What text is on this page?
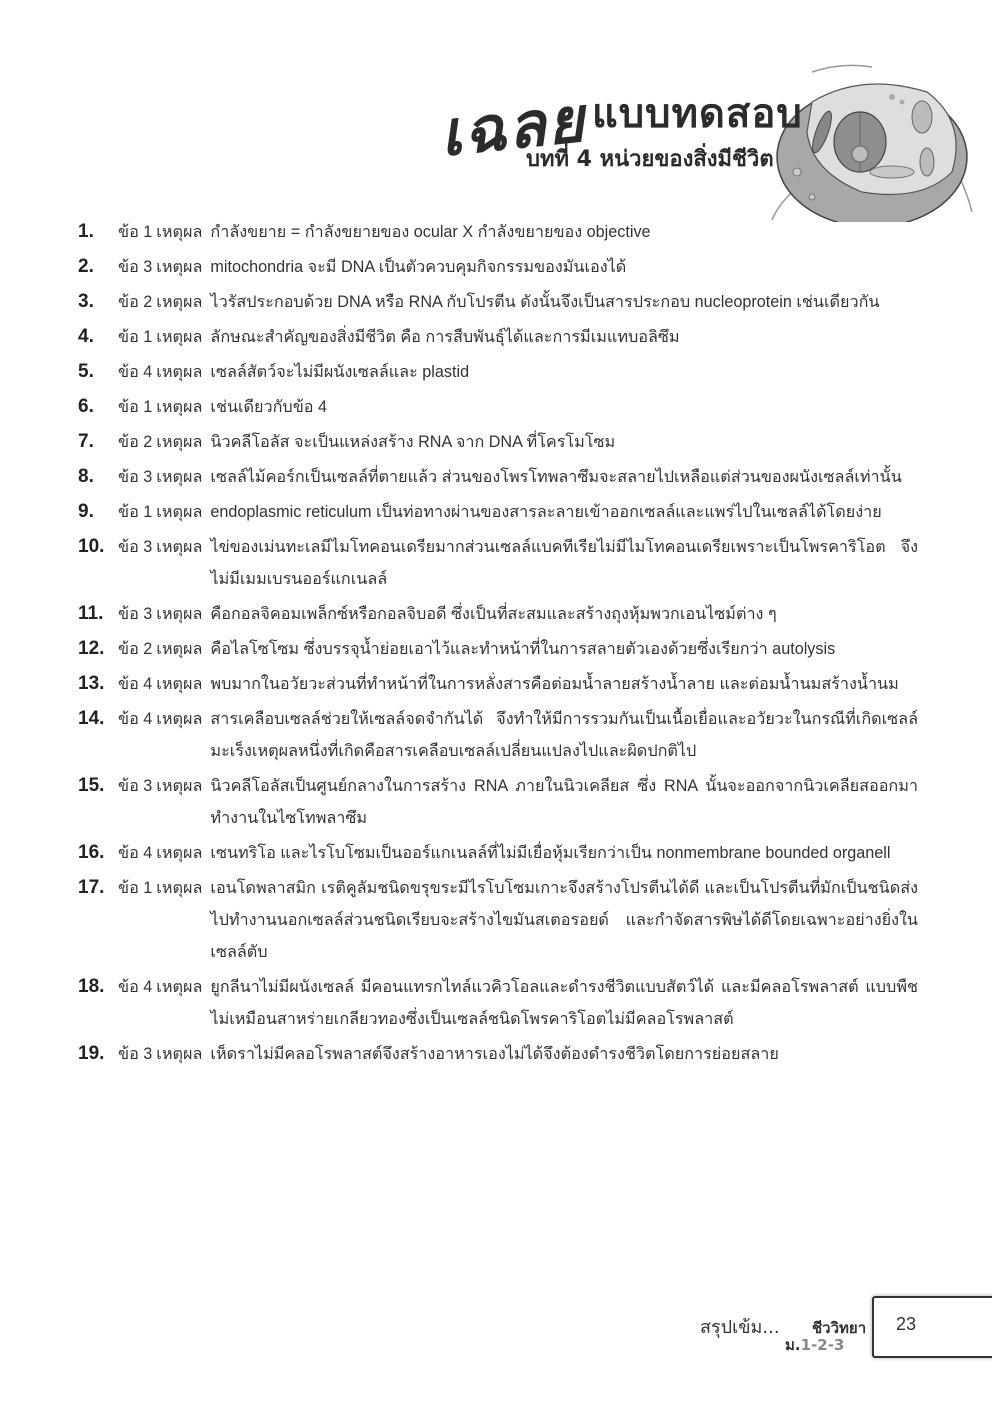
เฉลย แบบทดสอบ
บทที่ 4 หน่วยของสิ่งมีชีวิต
1.	ข้อ 1 เหตุผล กำลังขยาย = กำลังขยายของ ocular X กำลังขยายของ objective
2.	ข้อ 3 เหตุผล mitochondria จะมี DNA เป็นตัวควบคุมกิจกรรมของมันเองได้
3.	ข้อ 2 เหตุผล ไวรัสประกอบด้วย DNA หรือ RNA กับโปรตีน ดังนั้นจึงเป็นสารประกอบ nucleoprotein เช่นเดียวกัน
4.	ข้อ 1 เหตุผล ลักษณะสำคัญของสิ่งมีชีวิต คือ การสืบพันธุ์ได้และการมีเมแทบอลิซึม
5.	ข้อ 4 เหตุผล เซลล์สัตว์จะไม่มีผนังเซลล์และ plastid
6.	ข้อ 1 เหตุผล เช่นเดียวกับข้อ 4
7.	ข้อ 2 เหตุผล นิวคลีโอลัส จะเป็นแหล่งสร้าง RNA จาก DNA ที่โครโมโซม
8.	ข้อ 3 เหตุผล เซลล์ไม้คอร์กเป็นเซลล์ที่ตายแล้ว ส่วนของโพรโทพลาซึมจะสลายไปเหลือแต่ส่วนของผนังเซลล์เท่านั้น
9.	ข้อ 1 เหตุผล endoplasmic reticulum เป็นท่อทางผ่านของสารละลายเข้าออกเซลล์และแพร่ไปในเซลล์ได้โดยง่าย
10. ข้อ 3 เหตุผล ไข่ของเม่นทะเลมีไมโทคอนเดรียมากส่วนเซลล์แบคทีเรียไม่มีไมโทคอนเดรียเพราะเป็นโพรคาริโอต จึงไม่มีเมมเบรนออร์แกเนลล์
11. ข้อ 3 เหตุผล คือกอลจิคอมเพล็กซ์หรือกอลจิบอดี ซึ่งเป็นที่สะสมและสร้างถุงหุ้มพวกเอนไซม์ต่าง ๆ
12. ข้อ 2 เหตุผล คือไลโซโซม ซึ่งบรรจุน้ำย่อยเอาไว้และทำหน้าที่ในการสลายตัวเองด้วยซึ่งเรียกว่า autolysis
13. ข้อ 4 เหตุผล พบมากในอวัยวะส่วนที่ทำหน้าที่ในการหลั่งสารคือต่อมน้ำลายสร้างน้ำลาย และต่อมน้ำนมสร้างน้ำนม
14. ข้อ 4 เหตุผล สารเคลือบเซลล์ช่วยให้เซลล์จดจำกันได้ จึงทำให้มีการรวมกันเป็นเนื้อเยื่อและอวัยวะในกรณีที่เกิดเซลล์มะเร็งเหตุผลหนึ่งที่เกิดคือสารเคลือบเซลล์เปลี่ยนแปลงไปและผิดปกติไป
15. ข้อ 3 เหตุผล นิวคลีโอลัสเป็นศูนย์กลางในการสร้าง RNA ภายในนิวเคลียส ซึ่ง RNA นั้นจะออกจากนิวเคลียสออกมาทำงานในไซโทพลาซึม
16. ข้อ 4 เหตุผล เซนทริโอ และไรโบโซมเป็นออร์แกเนลล์ที่ไม่มีเยื่อหุ้มเรียกว่าเป็น nonmembrane bounded organell
17. ข้อ 1 เหตุผล เอนโดพลาสมิก เรติคูลัมชนิดขรุขระมีไรโบโซมเกาะจึงสร้างโปรตีนได้ดี และเป็นโปรตีนที่มักเป็นชนิดส่งไปทำงานนอกเซลล์ส่วนชนิดเรียบจะสร้างไขมันสเตอรอยด์ และกำจัดสารพิษได้ดีโดยเฉพาะอย่างยิ่งในเซลล์ตับ
18. ข้อ 4 เหตุผล ยูกลีนาไม่มีผนังเซลล์ มีคอนแทรกไทล์แวคิวโอลและดำรงชีวิตแบบสัตว์ได้ และมีคลอโรพลาสต์ แบบพืชไม่เหมือนสาหร่ายเกลียวทองซึ่งเป็นเซลล์ชนิดโพรคาริโอตไม่มีคลอโรพลาสต์
19. ข้อ 3 เหตุผล เห็ดราไม่มีคลอโรพลาสต์จึงสร้างอาหารเองไม่ได้จึงต้องดำรงชีวิตโดยการย่อยสลาย
สรุปเข้ม... ชีววิทยา
ม.1-2-3
23
